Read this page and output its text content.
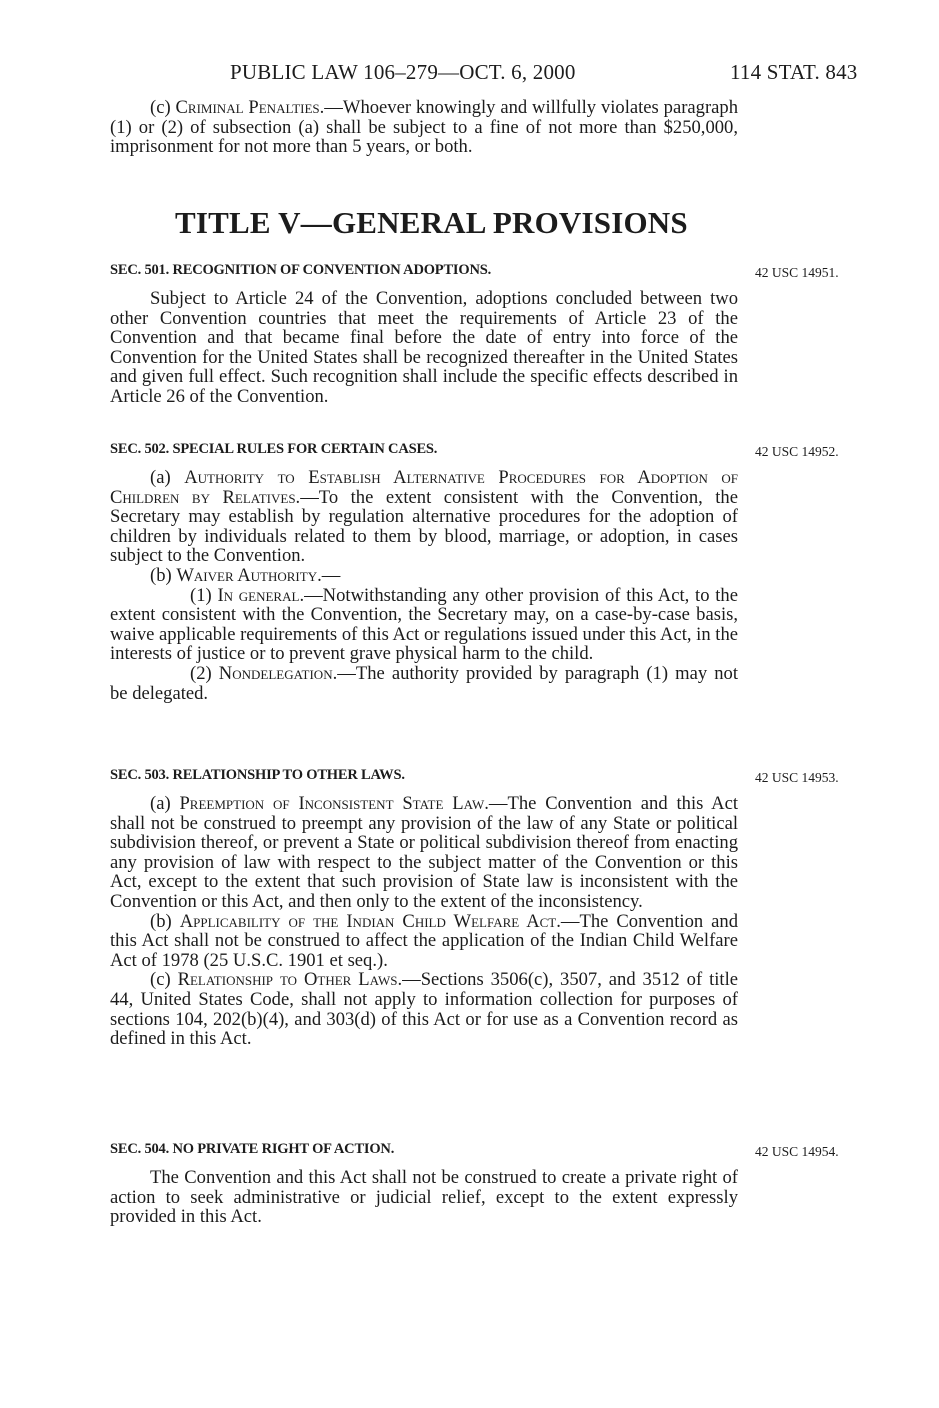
PUBLIC LAW 106–279—OCT. 6, 2000	114 STAT. 843

(c) Criminal Penalties.—Whoever knowingly and willfully violates paragraph (1) or (2) of subsection (a) shall be subject to a fine of not more than $250,000, imprisonment for not more than 5 years, or both.

TITLE V—GENERAL PROVISIONS
42 USC 14951.
SEC. 501. RECOGNITION OF CONVENTION ADOPTIONS.

Subject to Article 24 of the Convention, adoptions concluded between two other Convention countries that meet the requirements of Article 23 of the Convention and that became final before the date of entry into force of the Convention for the United States shall be recognized thereafter in the United States and given full effect. Such recognition shall include the specific effects described in Article 26 of the Convention.

42 USC 14952.
SEC. 502. SPECIAL RULES FOR CERTAIN CASES.

(a) Authority to Establish Alternative Procedures for Adoption of Children by Relatives.—To the extent consistent with the Convention, the Secretary may establish by regulation alternative procedures for the adoption of children by individuals related to them by blood, marriage, or adoption, in cases subject to the Convention.

(b) Waiver Authority.—

(1) In general.—Notwithstanding any other provision of this Act, to the extent consistent with the Convention, the Secretary may, on a case-by-case basis, waive applicable requirements of this Act or regulations issued under this Act, in the interests of justice or to prevent grave physical harm to the child.

(2) Nondelegation.—The authority provided by paragraph (1) may not be delegated.

42 USC 14953.
SEC. 503. RELATIONSHIP TO OTHER LAWS.

(a) Preemption of Inconsistent State Law.—The Convention and this Act shall not be construed to preempt any provision of the law of any State or political subdivision thereof, or prevent a State or political subdivision thereof from enacting any provision of law with respect to the subject matter of the Convention or this Act, except to the extent that such provision of State law is inconsistent with the Convention or this Act, and then only to the extent of the inconsistency.

(b) Applicability of the Indian Child Welfare Act.—The Convention and this Act shall not be construed to affect the application of the Indian Child Welfare Act of 1978 (25 U.S.C. 1901 et seq.).

(c) Relationship to Other Laws.—Sections 3506(c), 3507, and 3512 of title 44, United States Code, shall not apply to information collection for purposes of sections 104, 202(b)(4), and 303(d) of this Act or for use as a Convention record as defined in this Act.

42 USC 14954.
SEC. 504. NO PRIVATE RIGHT OF ACTION.

The Convention and this Act shall not be construed to create a private right of action to seek administrative or judicial relief, except to the extent expressly provided in this Act.
